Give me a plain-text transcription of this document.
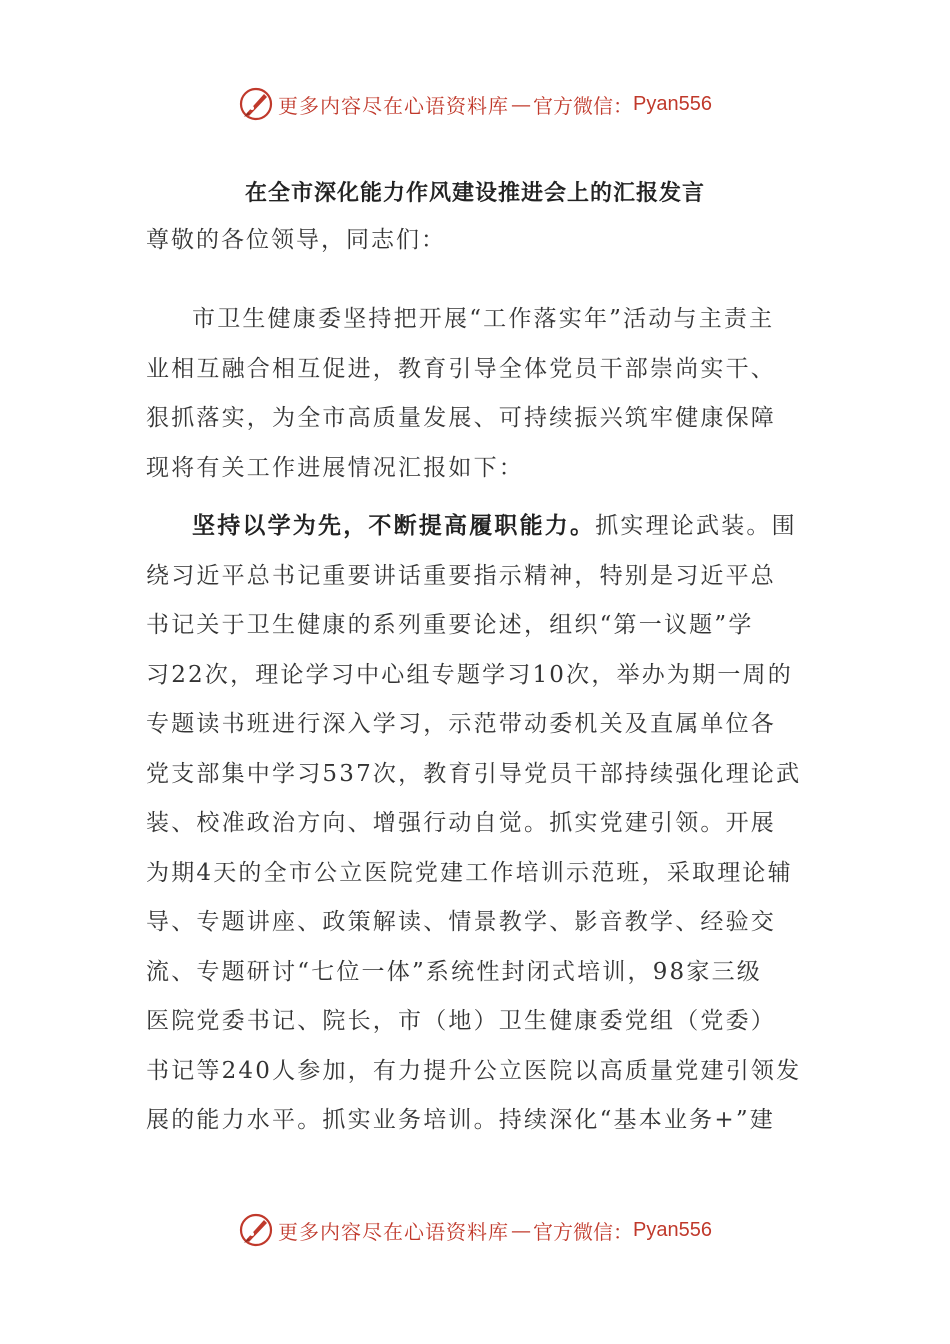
更多内容尽在心语资料库 — 官方微信： Pyan556
在全市深化能力作风建设推进会上的汇报发言
尊敬的各位领导，同志们：
市卫生健康委坚持把开展“工作落实年”活动与主责主
业相互融合相互促进，教育引导全体党员干部崇尚实干、
狠抓落实，为全市高质量发展、可持续振兴筑牢健康保障
现将有关工作进展情况汇报如下：
坚持以学为先，不断提高履职能力。抓实理论武装。围
绕习近平总书记重要讲话重要指示精神，特别是习近平总
书记关于卫生健康的系列重要论述，组织“第一议题”学
习22次，理论学习中心组专题学习10次，举办为期一周的
专题读书班进行深入学习，示范带动委机关及直属单位各
党支部集中学习537次，教育引导党员干部持续强化理论武
装、校准政治方向、增强行动自觉。抓实党建引领。开展
为期4天的全市公立医院党建工作培训示范班，采取理论辅
导、专题讲座、政策解读、情景教学、影音教学、经验交
流、专题研讨“七位一体”系统性封闭式培训，98家三级
医院党委书记、院长，市（地）卫生健康委党组（党委）
书记等240人参加，有力提升公立医院以高质量党建引领发
展的能力水平。抓实业务培训。持续深化“基本业务+”建
更多内容尽在心语资料库 — 官方微信： Pyan556
